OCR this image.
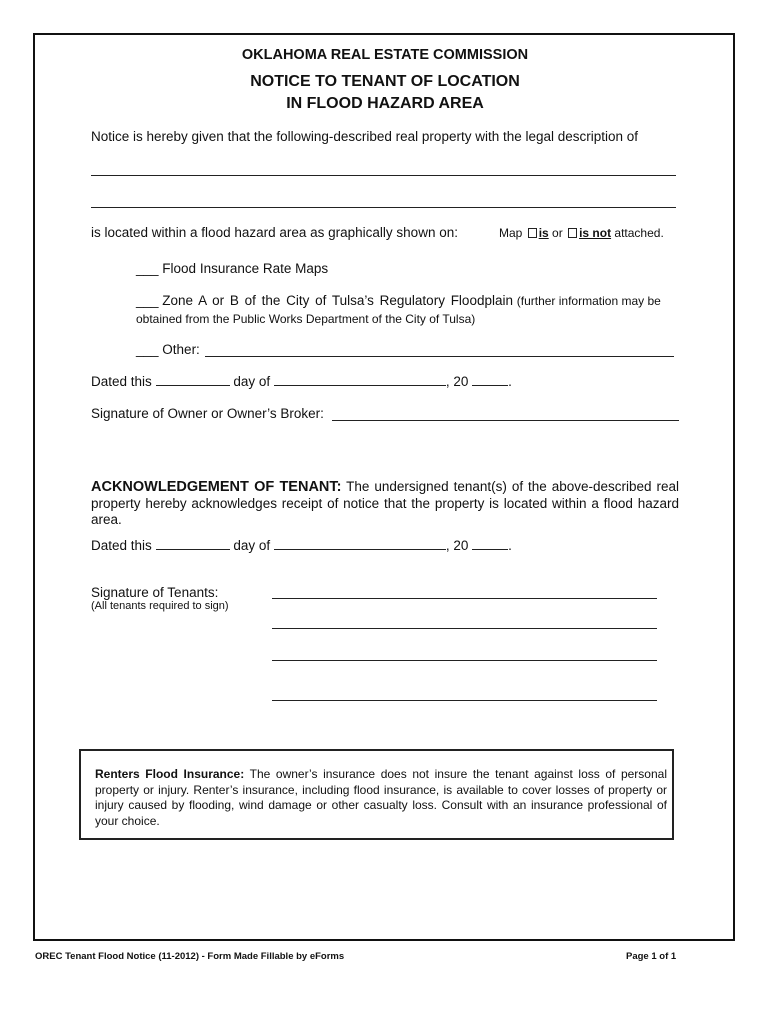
OKLAHOMA REAL ESTATE COMMISSION
NOTICE TO TENANT OF LOCATION
IN FLOOD HAZARD AREA
Notice is hereby given that the following-described real property with the legal description of
is located within a flood hazard area as graphically shown on:	Map is or is not attached.
___ Flood Insurance Rate Maps
___ Zone A or B of the City of Tulsa’s Regulatory Floodplain (further information may be
obtained from the Public Works Department of the City of Tulsa)
___ Other:
Dated this	day of	, 20	.
Signature of Owner or Owner’s Broker:
ACKNOWLEDGEMENT OF TENANT: The undersigned tenant(s) of the above-described real property hereby acknowledges receipt of notice that the property is located within a flood hazard area.
Dated this	day of	, 20	.
Signature of Tenants:
(All tenants required to sign)
Renters Flood Insurance: The owner’s insurance does not insure the tenant against loss of personal property or injury. Renter’s insurance, including flood insurance, is available to cover losses of property or injury caused by flooding, wind damage or other casualty loss. Consult with an insurance professional of your choice.
OREC Tenant Flood Notice (11-2012) - Form Made Fillable by eForms	Page 1 of 1
